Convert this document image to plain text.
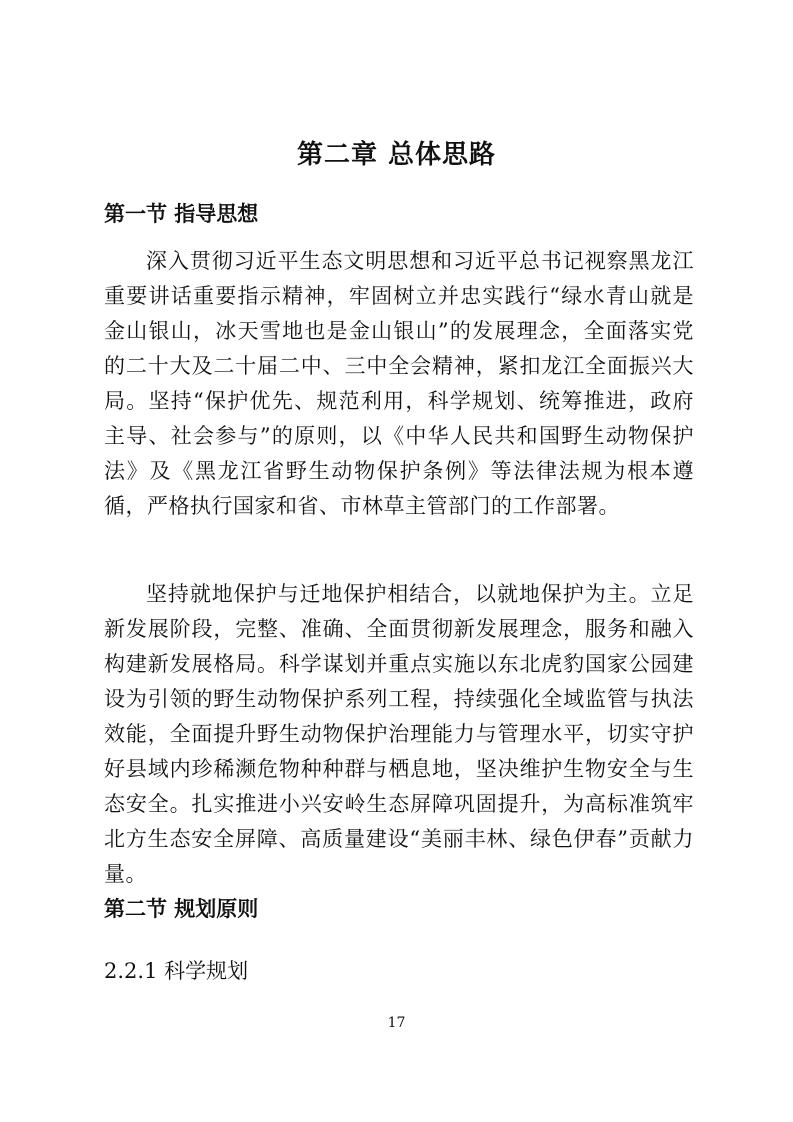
第二章 总体思路
第一节 指导思想

深入贯彻习近平生态文明思想和习近平总书记视察黑龙江重要讲话重要指示精神，牢固树立并忠实践行“绿水青山就是金山银山，冰天雪地也是金山银山”的发展理念，全面落实党的二十大及二十届二中、三中全会精神，紧扣龙江全面振兴大局。坚持“保护优先、规范利用，科学规划、统筹推进，政府主导、社会参与”的原则，以《中华人民共和国野生动物保护法》及《黑龙江省野生动物保护条例》等法律法规为根本遵循，严格执行国家和省、市林草主管部门的工作部署。

坚持就地保护与迁地保护相结合，以就地保护为主。立足新发展阶段，完整、准确、全面贯彻新发展理念，服务和融入构建新发展格局。科学谋划并重点实施以东北虎豹国家公园建设为引领的野生动物保护系列工程，持续强化全域监管与执法效能，全面提升野生动物保护治理能力与管理水平，切实守护好县域内珍稀濒危物种种群与栖息地，坚决维护生物安全与生态安全。扎实推进小兴安岭生态屏障巩固提升，为高标准筑牢北方生态安全屏障、高质量建设“美丽丰林、绿色伊春”贡献力量。

第二节 规划原则

2.2.1 科学规划

17
